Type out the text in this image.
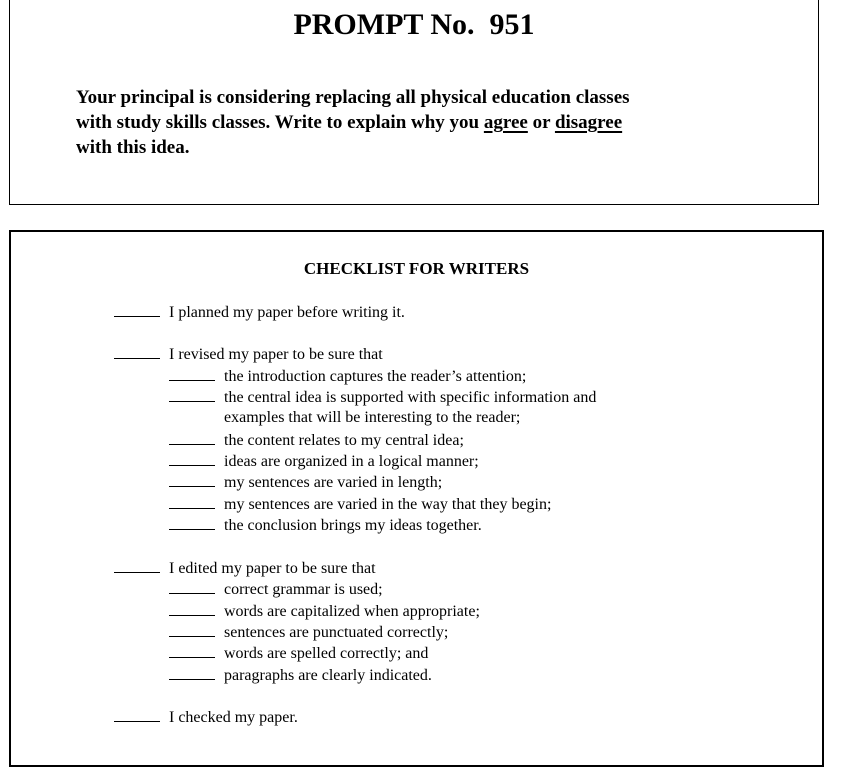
PROMPT No.  951
Your principal is considering replacing all physical education classes
with study skills classes. Write to explain why you agree or disagree
with this idea.
CHECKLIST FOR WRITERS
I planned my paper before writing it.
I revised my paper to be sure that
the introduction captures the reader’s attention;
the central idea is supported with specific information and
examples that will be interesting to the reader;
the content relates to my central idea;
ideas are organized in a logical manner;
my sentences are varied in length;
my sentences are varied in the way that they begin;
the conclusion brings my ideas together.
I edited my paper to be sure that
correct grammar is used;
words are capitalized when appropriate;
sentences are punctuated correctly;
words are spelled correctly; and
paragraphs are clearly indicated.
I checked my paper.
